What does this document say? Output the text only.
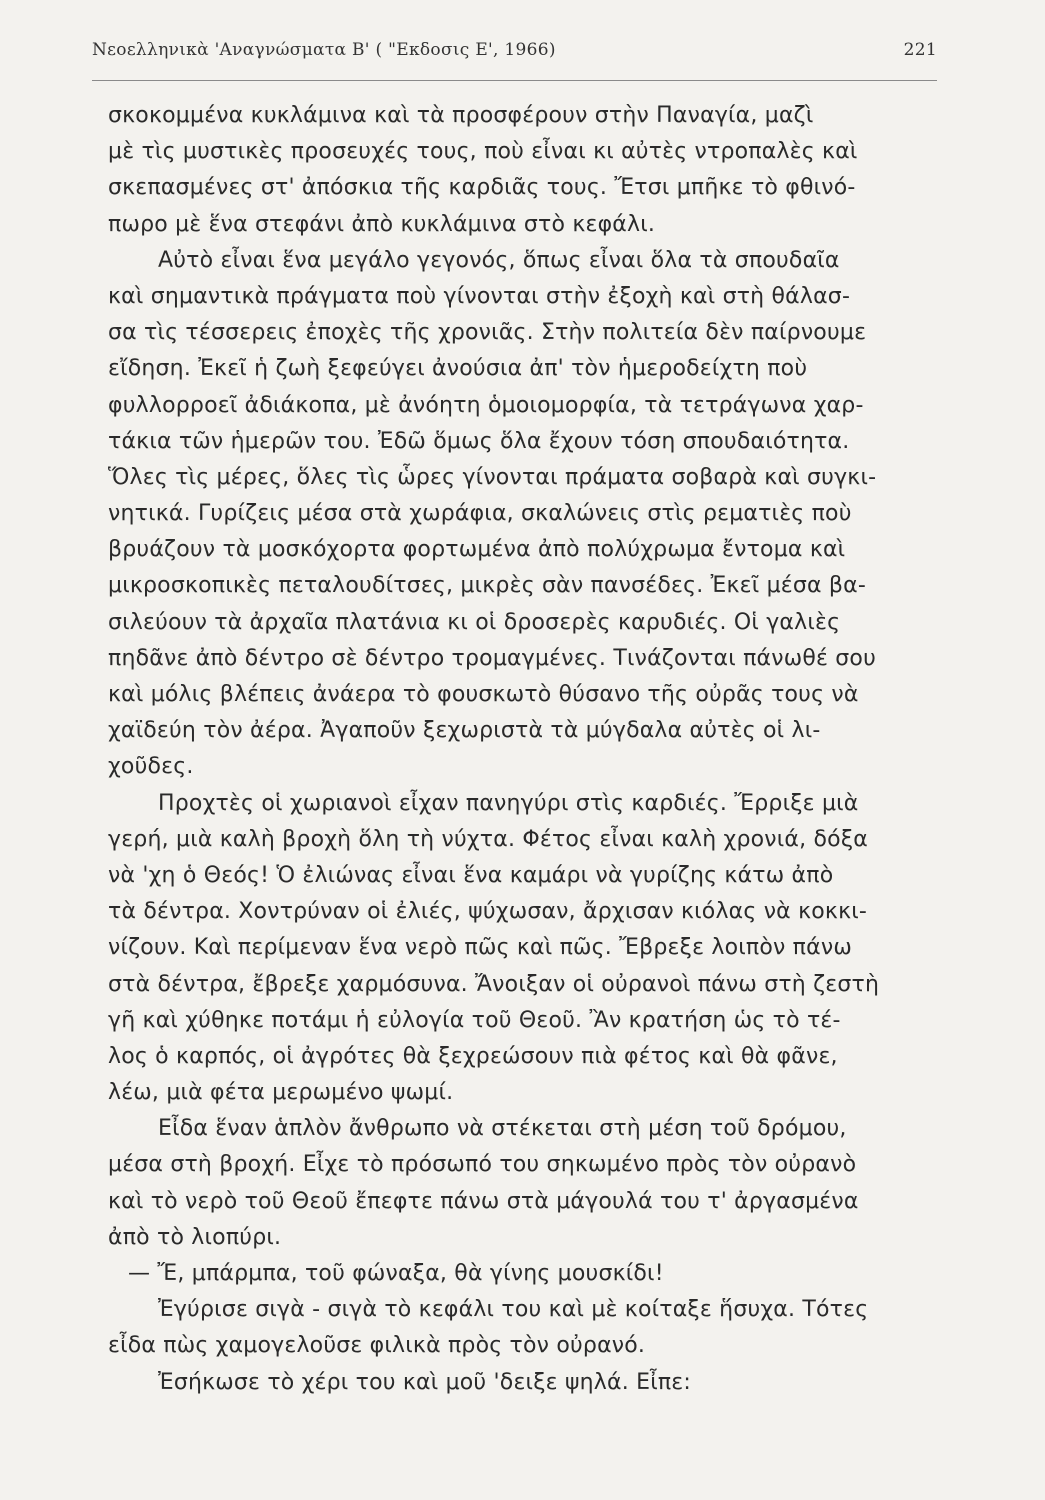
Νεοελληνικὰ 'Αναγνώσματα Β' ( "Εκδοσις Ε', 1966)	221
σκοκομμένα κυκλάμινα καὶ τὰ προσφέρουν στὴν Παναγία, μαζὶ
μὲ τὶς μυστικὲς προσευχές τους, ποὺ εἶναι κι αὐτὲς ντροπαλὲς καὶ
σκεπασμένες στ' ἀπόσκια τῆς καρδιᾶς τους. Ἔτσι μπῆκε τὸ φθινό-
πωρο μὲ ἕνα στεφάνι ἀπὸ κυκλάμινα στὸ κεφάλι.
Αὐτὸ εἶναι ἕνα μεγάλο γεγονός, ὅπως εἶναι ὅλα τὰ σπουδαῖα
καὶ σημαντικὰ πράγματα ποὺ γίνονται στὴν ἐξοχὴ καὶ στὴ θάλασ-
σα τὶς τέσσερεις ἐποχὲς τῆς χρονιᾶς. Στὴν πολιτεία δὲν παίρνουμε
εἴδηση. Ἐκεῖ ἡ ζωὴ ξεφεύγει ἀνούσια ἀπ' τὸν ἡμεροδείχτη ποὺ
φυλλορροεῖ ἀδιάκοπα, μὲ ἀνόητη ὁμοιομορφία, τὰ τετράγωνα χαρ-
τάκια τῶν ἡμερῶν του. Ἐδῶ ὅμως ὅλα ἔχουν τόση σπουδαιότητα.
Ὅλες τὶς μέρες, ὅλες τὶς ὧρες γίνονται πράματα σοβαρὰ καὶ συγκι-
νητικά. Γυρίζεις μέσα στὰ χωράφια, σκαλώνεις στὶς ρεματιὲς ποὺ
βρυάζουν τὰ μοσκόχορτα φορτωμένα ἀπὸ πολύχρωμα ἔντομα καὶ
μικροσκοπικὲς πεταλουδίτσες, μικρὲς σὰν πανσέδες. Ἐκεῖ μέσα βα-
σιλεύουν τὰ ἀρχαῖα πλατάνια κι οἱ δροσερὲς καρυδιές. Οἱ γαλιὲς
πηδᾶνε ἀπὸ δέντρο σὲ δέντρο τρομαγμένες. Τινάζονται πάνωθέ σου
καὶ μόλις βλέπεις ἀνάερα τὸ φουσκωτὸ θύσανο τῆς οὐρᾶς τους νὰ
χαϊδεύη τὸν ἀέρα. Ἀγαποῦν ξεχωριστὰ τὰ μύγδαλα αὐτὲς οἱ λι-
χοῦδες.
Προχτὲς οἱ χωριανοὶ εἶχαν πανηγύρι στὶς καρδιές. Ἔρριξε μιὰ
γερή, μιὰ καλὴ βροχὴ ὅλη τὴ νύχτα. Φέτος εἶναι καλὴ χρονιά, δόξα
νὰ 'χη ὁ Θεός! Ὁ ἐλιώνας εἶναι ἕνα καμάρι νὰ γυρίζης κάτω ἀπὸ
τὰ δέντρα. Χοντρύναν οἱ ἐλιές, ψύχωσαν, ἄρχισαν κιόλας νὰ κοκκι-
νίζουν. Καὶ περίμεναν ἕνα νερὸ πῶς καὶ πῶς. Ἔβρεξε λοιπὸν πάνω
στὰ δέντρα, ἔβρεξε χαρμόσυνα. Ἄνοιξαν οἱ οὐρανοὶ πάνω στὴ ζεστὴ
γῆ καὶ χύθηκε ποτάμι ἡ εὐλογία τοῦ Θεοῦ. Ἂν κρατήση ὡς τὸ τέ-
λος ὁ καρπός, οἱ ἀγρότες θὰ ξεχρεώσουν πιὰ φέτος καὶ θὰ φᾶνε,
λέω, μιὰ φέτα μερωμένο ψωμί.
Εἶδα ἕναν ἁπλὸν ἄνθρωπο νὰ στέκεται στὴ μέση τοῦ δρόμου,
μέσα στὴ βροχή. Εἶχε τὸ πρόσωπό του σηκωμένο πρὸς τὸν οὐρανὸ
καὶ τὸ νερὸ τοῦ Θεοῦ ἔπεφτε πάνω στὰ μάγουλά του τ' ἀργασμένα
ἀπὸ τὸ λιοπύρι.
— Ἔ, μπάρμπα, τοῦ φώναξα, θὰ γίνης μουσκίδι!
Ἐγύρισε σιγὰ - σιγὰ τὸ κεφάλι του καὶ μὲ κοίταξε ἥσυχα. Τότες
εἶδα πὼς χαμογελοῦσε φιλικὰ πρὸς τὸν οὐρανό.
Ἐσήκωσε τὸ χέρι του καὶ μοῦ 'δειξε ψηλά. Εἶπε:
